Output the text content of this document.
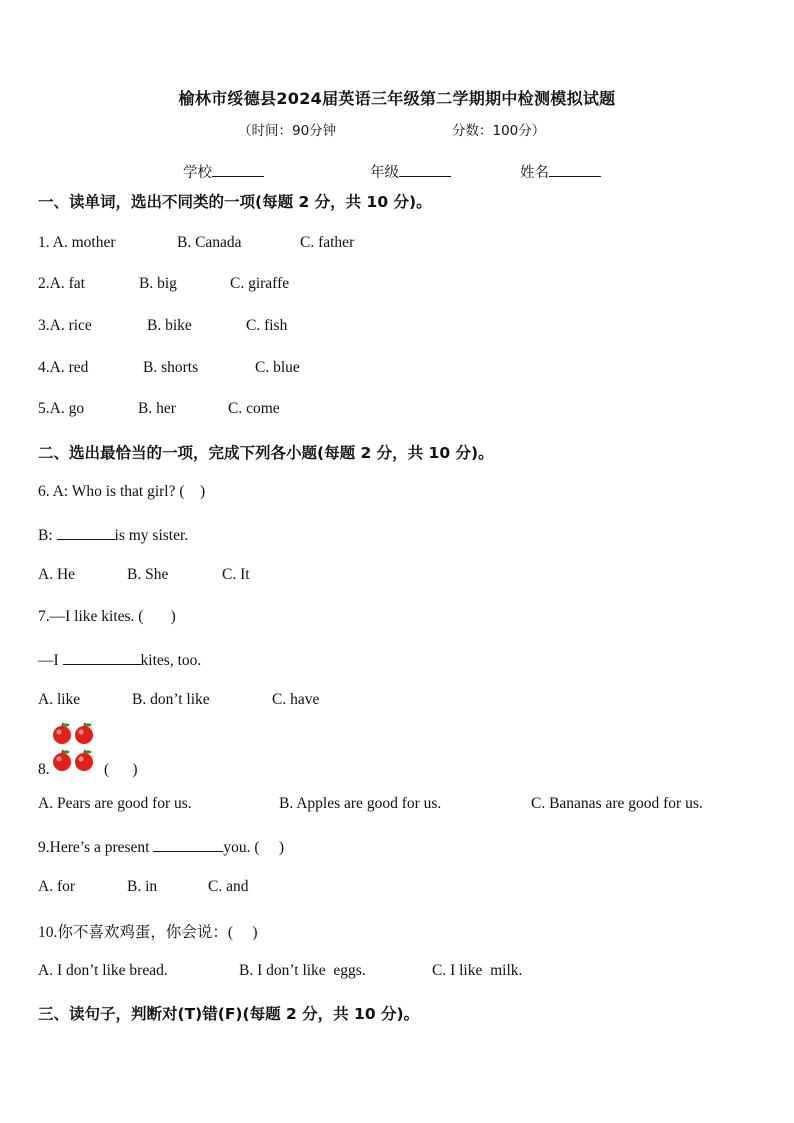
榆林市绥德县2024届英语三年级第二学期期中检测模拟试题
（时间：90分钟	分数：100分）
学校	年级	姓名
一、读单词，选出不同类的一项(每题 2 分，共 10 分)。
1. A. mother	B. Canada	C. father
2.A. fat	B. big	C. giraffe
3.A. rice	B. bike	C. fish
4.A. red	B. shorts	C. blue
5.A. go	B. her	C. come
二、选出最恰当的一项，完成下列各小题(每题 2 分，共 10 分)。
6. A: Who is that girl? (    )
B:	is my sister.
A. He	B. She	C. It
7.—I like kites. (       )
—I	kites, too.
A. like	B. don’t like	C. have
8.	(      )
A. Pears are good for us.	B. Apples are good for us.	C. Bananas are good for us.
9.Here’s a present	you. (     )
A. for	B. in	C. and
10.你不喜欢鸡蛋，你会说：(     )
A. I don’t like bread.	B. I don’t like  eggs.	C. I like  milk.
三、读句子，判断对(T)错(F)(每题 2 分，共 10 分)。
